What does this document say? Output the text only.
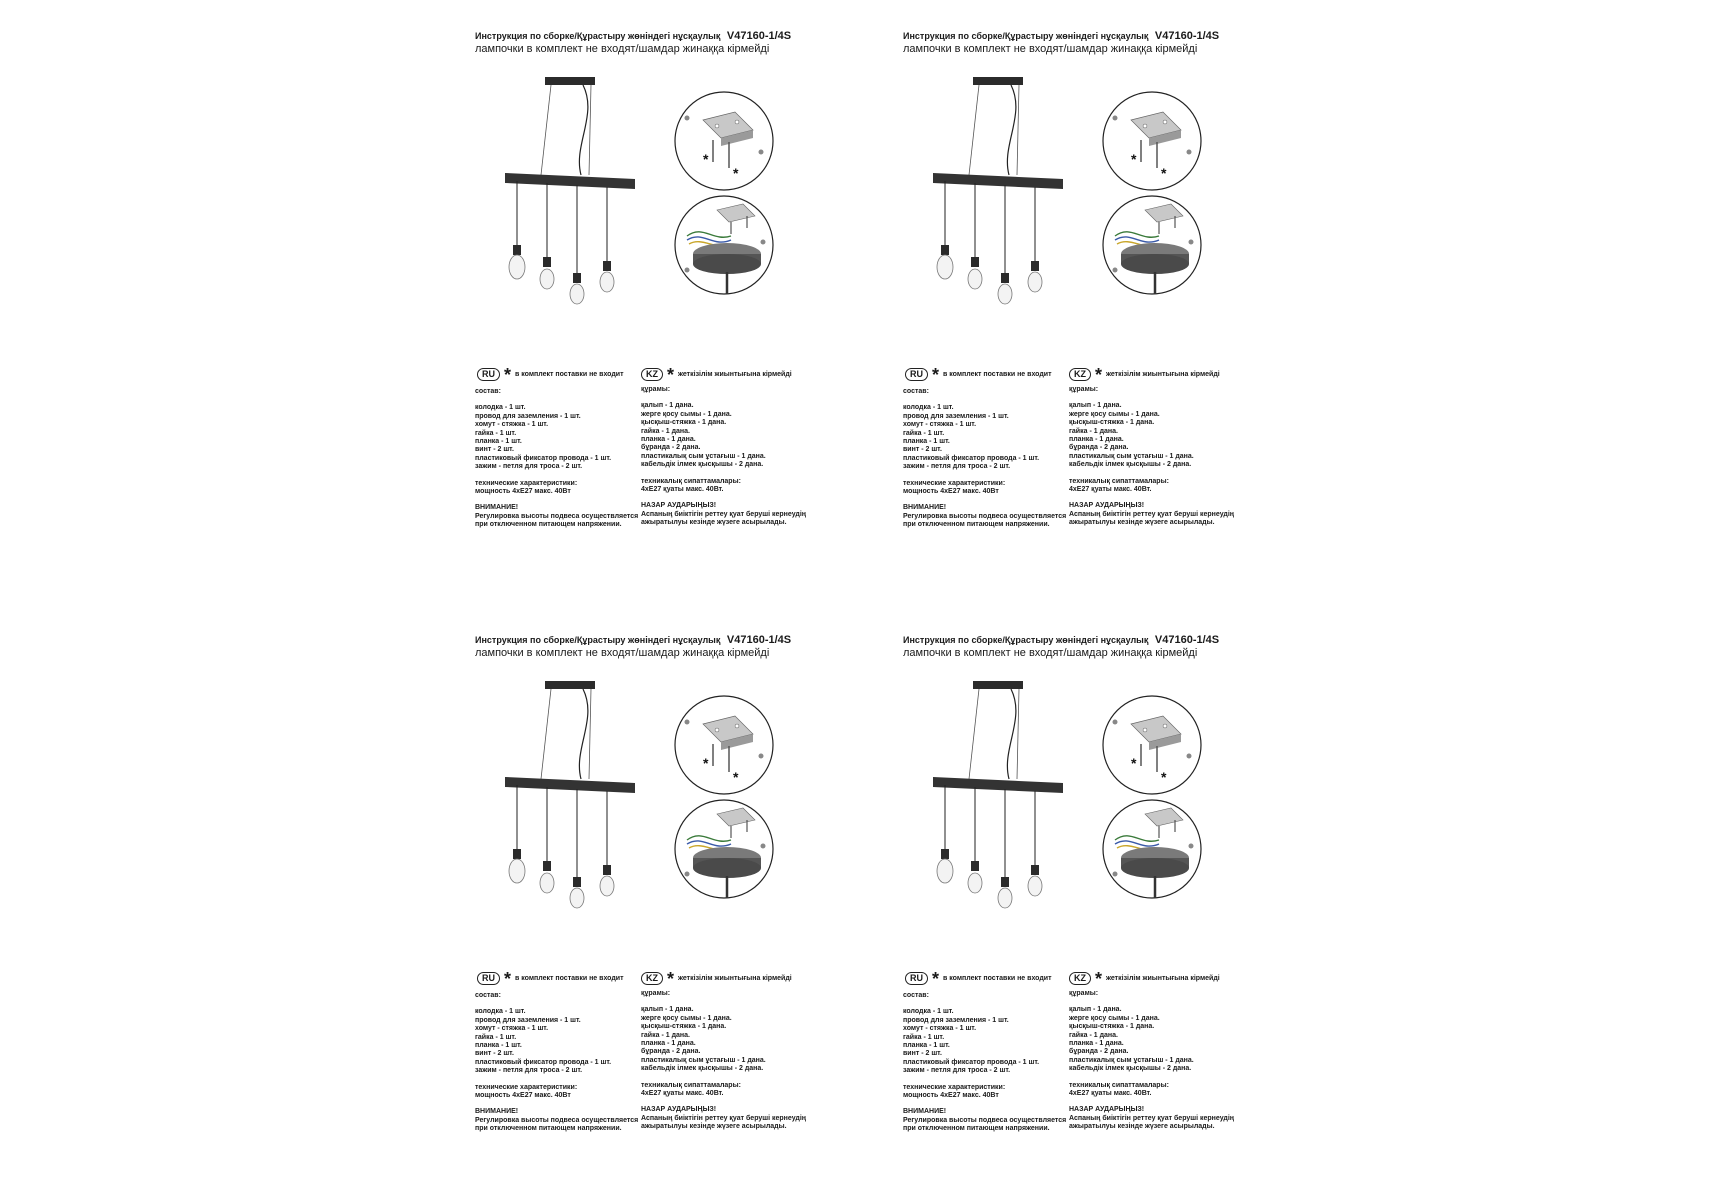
Инструкция по сборке/Құрастыру жөніндегі нұсқаулық V47160-1/4S
лампочки в комплект не входят/шамдар жинаққа кірмейді
*
*
RU * в комплект поставки не входит	KZ * жеткізілім жиынтығына кірмейді
состав:
колодка - 1 шт.
провод для заземления - 1 шт.
хомут - стяжка - 1 шт.
гайка - 1 шт.
планка - 1 шт.
винт - 2 шт.
пластиковый фиксатор провода - 1 шт.
зажим - петля для троса - 2 шт.
технические характеристики:
мощность 4хЕ27 макс. 40Вт
ВНИМАНИЕ!
Регулировка высоты подвеса осуществляется
при отключенном питающем напряжении.
құрамы:
қалып - 1 дана.
жерге қосу сымы - 1 дана.
қысқыш-стяжка - 1 дана.
гайка - 1 дана.
планка - 1 дана.
бұранда - 2 дана.
пластикалық сым ұстағыш - 1 дана.
кабельдік ілмек қысқышы - 2 дана.
техникалық сипаттамалары:
4хЕ27 қуаты макс. 40Вт.
НАЗАР АУДАРЫҢЫЗ!
Аспаның биіктігін реттеу қуат беруші кернеудің
ажыратылуы кезінде жүзеге асырылады.
Инструкция по сборке/Құрастыру жөніндегі нұсқаулық V47160-1/4S
лампочки в комплект не входят/шамдар жинаққа кірмейді
*
*
RU * в комплект поставки не входит	KZ * жеткізілім жиынтығына кірмейді
состав:
колодка - 1 шт.
провод для заземления - 1 шт.
хомут - стяжка - 1 шт.
гайка - 1 шт.
планка - 1 шт.
винт - 2 шт.
пластиковый фиксатор провода - 1 шт.
зажим - петля для троса - 2 шт.
технические характеристики:
мощность 4хЕ27 макс. 40Вт
ВНИМАНИЕ!
Регулировка высоты подвеса осуществляется
при отключенном питающем напряжении.
құрамы:
қалып - 1 дана.
жерге қосу сымы - 1 дана.
қысқыш-стяжка - 1 дана.
гайка - 1 дана.
планка - 1 дана.
бұранда - 2 дана.
пластикалық сым ұстағыш - 1 дана.
кабельдік ілмек қысқышы - 2 дана.
техникалық сипаттамалары:
4хЕ27 қуаты макс. 40Вт.
НАЗАР АУДАРЫҢЫЗ!
Аспаның биіктігін реттеу қуат беруші кернеудің
ажыратылуы кезінде жүзеге асырылады.
Инструкция по сборке/Құрастыру жөніндегі нұсқаулық V47160-1/4S
лампочки в комплект не входят/шамдар жинаққа кірмейді
*
*
RU * в комплект поставки не входит	KZ * жеткізілім жиынтығына кірмейді
состав:
колодка - 1 шт.
провод для заземления - 1 шт.
хомут - стяжка - 1 шт.
гайка - 1 шт.
планка - 1 шт.
винт - 2 шт.
пластиковый фиксатор провода - 1 шт.
зажим - петля для троса - 2 шт.
технические характеристики:
мощность 4хЕ27 макс. 40Вт
ВНИМАНИЕ!
Регулировка высоты подвеса осуществляется
при отключенном питающем напряжении.
құрамы:
қалып - 1 дана.
жерге қосу сымы - 1 дана.
қысқыш-стяжка - 1 дана.
гайка - 1 дана.
планка - 1 дана.
бұранда - 2 дана.
пластикалық сым ұстағыш - 1 дана.
кабельдік ілмек қысқышы - 2 дана.
техникалық сипаттамалары:
4хЕ27 қуаты макс. 40Вт.
НАЗАР АУДАРЫҢЫЗ!
Аспаның биіктігін реттеу қуат беруші кернеудің
ажыратылуы кезінде жүзеге асырылады.
Инструкция по сборке/Құрастыру жөніндегі нұсқаулық V47160-1/4S
лампочки в комплект не входят/шамдар жинаққа кірмейді
*
*
RU * в комплект поставки не входит	KZ * жеткізілім жиынтығына кірмейді
состав:
колодка - 1 шт.
провод для заземления - 1 шт.
хомут - стяжка - 1 шт.
гайка - 1 шт.
планка - 1 шт.
винт - 2 шт.
пластиковый фиксатор провода - 1 шт.
зажим - петля для троса - 2 шт.
технические характеристики:
мощность 4хЕ27 макс. 40Вт
ВНИМАНИЕ!
Регулировка высоты подвеса осуществляется
при отключенном питающем напряжении.
құрамы:
қалып - 1 дана.
жерге қосу сымы - 1 дана.
қысқыш-стяжка - 1 дана.
гайка - 1 дана.
планка - 1 дана.
бұранда - 2 дана.
пластикалық сым ұстағыш - 1 дана.
кабельдік ілмек қысқышы - 2 дана.
техникалық сипаттамалары:
4хЕ27 қуаты макс. 40Вт.
НАЗАР АУДАРЫҢЫЗ!
Аспаның биіктігін реттеу қуат беруші кернеудің
ажыратылуы кезінде жүзеге асырылады.
